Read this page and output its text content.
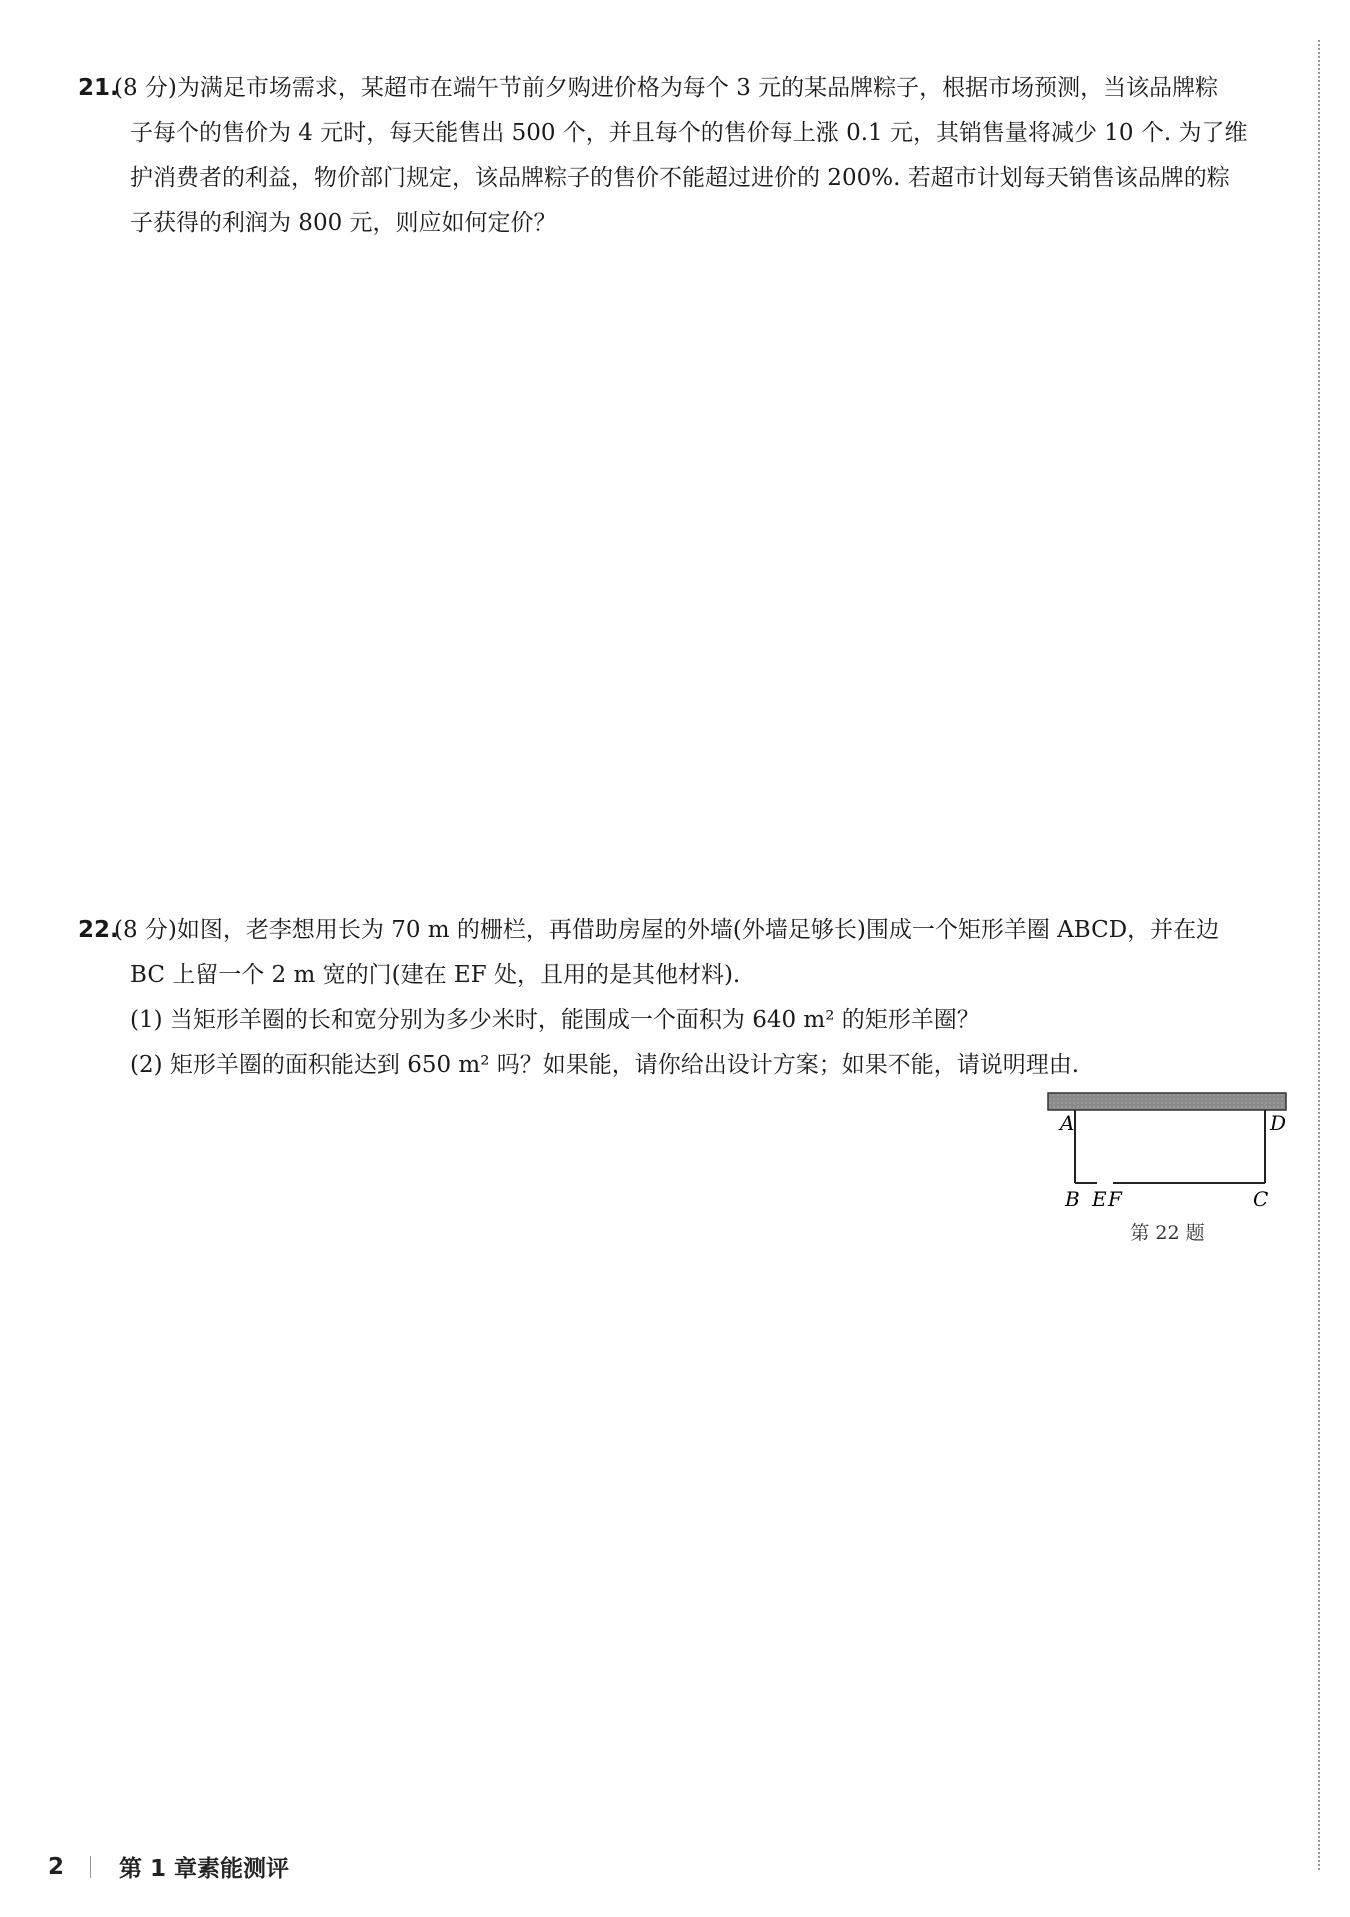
21.(8 分)为满足市场需求，某超市在端午节前夕购进价格为每个 3 元的某品牌粽子，根据市场预测，当该品牌粽
子每个的售价为 4 元时，每天能售出 500 个，并且每个的售价每上涨 0.1 元，其销售量将减少 10 个. 为了维
护消费者的利益，物价部门规定，该品牌粽子的售价不能超过进价的 200%. 若超市计划每天销售该品牌的粽
子获得的利润为 800 元，则应如何定价？
22.(8 分)如图，老李想用长为 70 m 的栅栏，再借助房屋的外墙(外墙足够长)围成一个矩形羊圈 ABCD，并在边
BC 上留一个 2 m 宽的门(建在 EF 处，且用的是其他材料).
(1) 当矩形羊圈的长和宽分别为多少米时，能围成一个面积为 640 m² 的矩形羊圈？
(2) 矩形羊圈的面积能达到 650 m² 吗？如果能，请你给出设计方案；如果不能，请说明理由.
A	D
B E F	C
第 22 题
2 第 1 章素能测评
